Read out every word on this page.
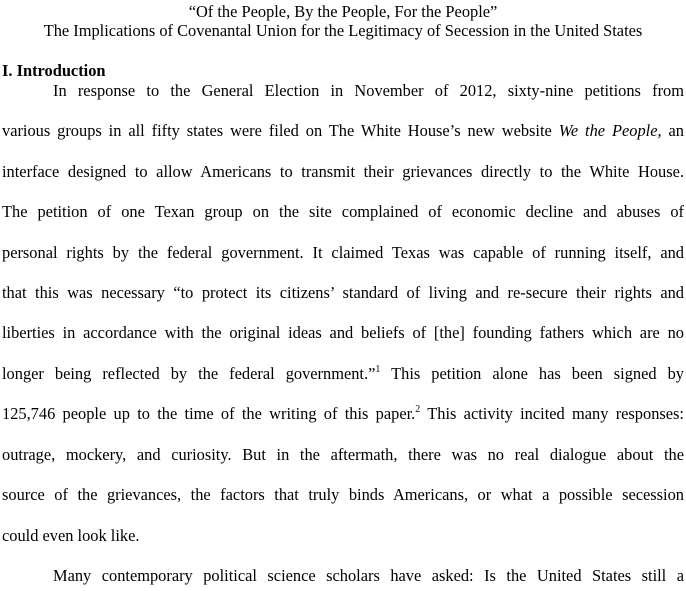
“Of the People, By the People, For the People”
The Implications of Covenantal Union for the Legitimacy of Secession in the United States
I. Introduction
In response to the General Election in November of 2012, sixty-nine petitions from
various groups in all fifty states were filed on The White House’s new website We the People, an
interface designed to allow Americans to transmit their grievances directly to the White House.
The petition of one Texan group on the site complained of economic decline and abuses of
personal rights by the federal government. It claimed Texas was capable of running itself, and
that this was necessary “to protect its citizens’ standard of living and re-secure their rights and
liberties in accordance with the original ideas and beliefs of [the] founding fathers which are no
longer being reflected by the federal government.”$^1$ This petition alone has been signed by
125,746 people up to the time of the writing of this paper.$^2$ This activity incited many responses:
outrage, mockery, and curiosity. But in the aftermath, there was no real dialogue about the
source of the grievances, the factors that truly binds Americans, or what a possible secession
could even look like.
Many contemporary political science scholars have asked: Is the United States still a
